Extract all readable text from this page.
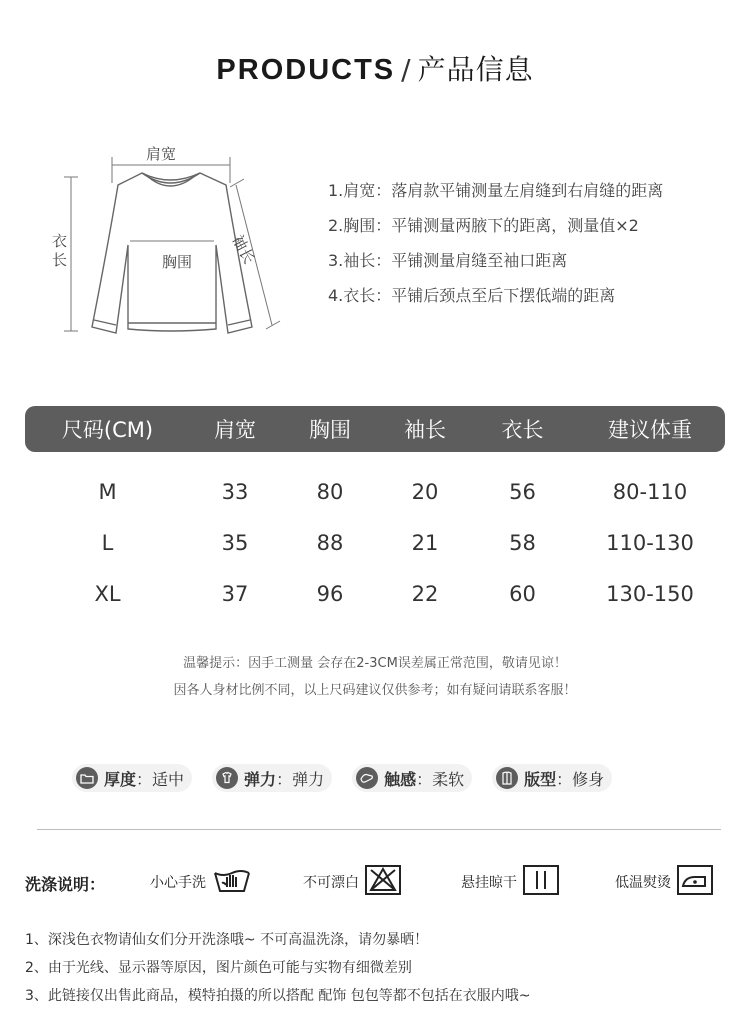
PRODUCTS / 产品信息
肩宽
胸围
衣长	袖长
1.肩宽：落肩款平铺测量左肩缝到右肩缝的距离
2.胸围：平铺测量两腋下的距离，测量值×2
3.袖长：平铺测量肩缝至袖口距离
4.衣长：平铺后颈点至后下摆低端的距离
尺码(CM)	肩宽	胸围	袖长	衣长	建议体重
M	33	80	20	56	80-110
L	35	88	21	58	110-130
XL	37	96	22	60	130-150
温馨提示：因手工测量 会存在2-3CM误差属正常范围，敬请见谅！
因各人身材比例不同，以上尺码建议仅供参考；如有疑问请联系客服！
厚度 ： 适中	弹力 ： 弹力	触感 ： 柔软	版型 ： 修身
洗涤说明：	小心手洗	不可漂白	悬挂晾干	低温熨烫
1、深浅色衣物请仙女们分开洗涤哦~ 不可高温洗涤，请勿暴晒！
2、由于光线、显示器等原因，图片颜色可能与实物有细微差别
3、此链接仅出售此商品，模特拍摄的所以搭配 配饰 包包等都不包括在衣服内哦~
